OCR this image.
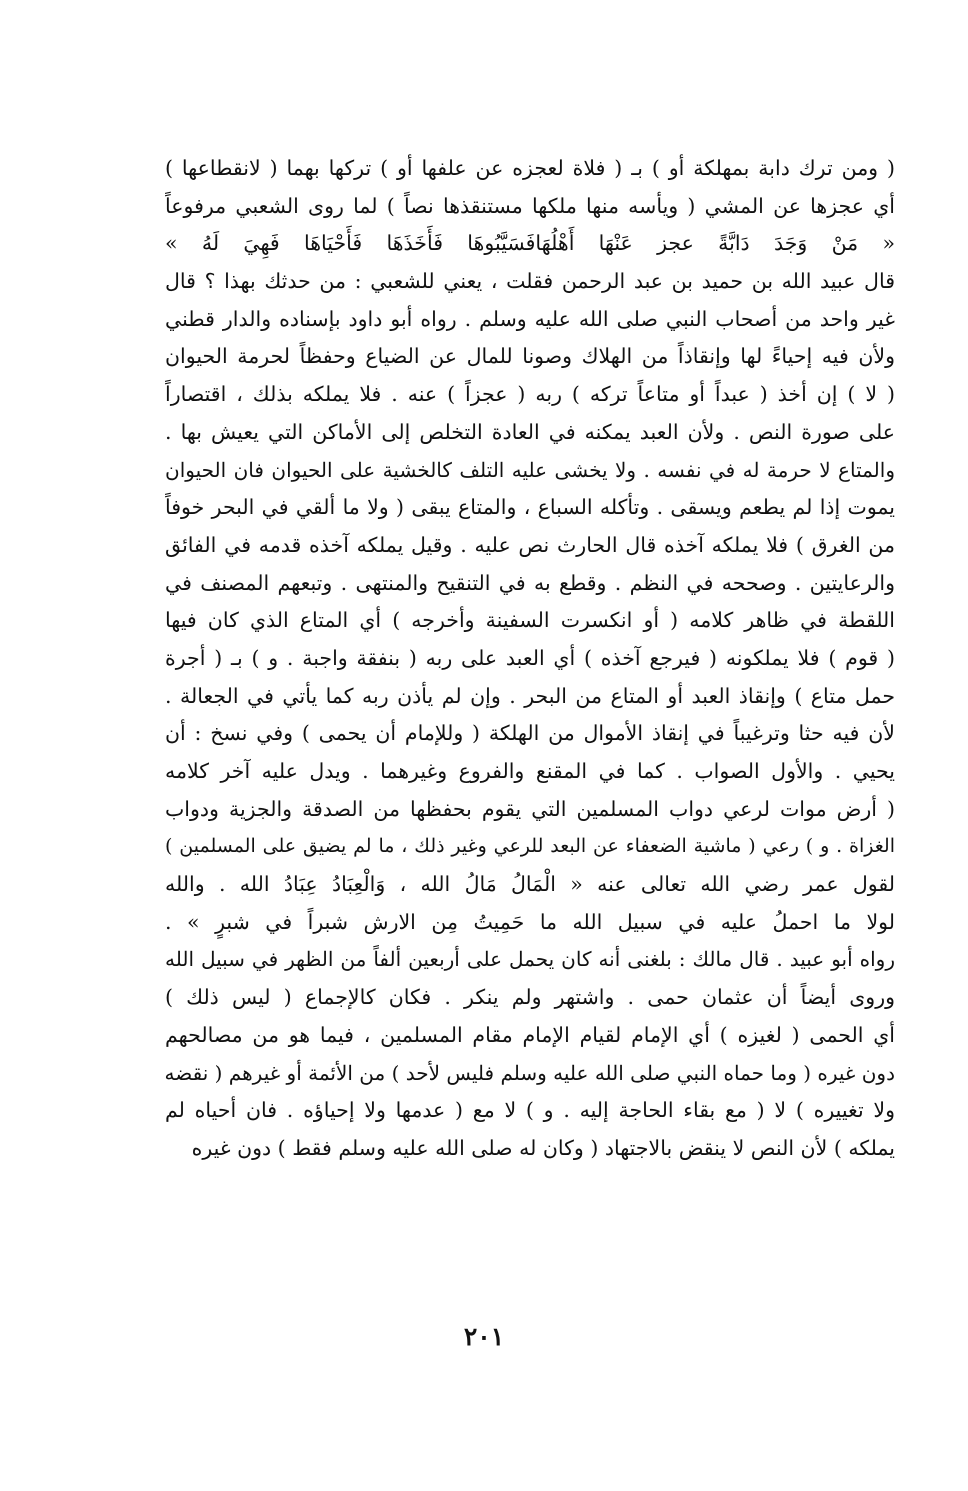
( ومن ترك دابة بمهلكة أو ) بـ ( فلاة لعجزه عن علفها أو ) تركها بهما ( لانقطاعها )
أي عجزها عن المشي ( ويأسه منها ملكها مستنقذها نصاً ) لما روى الشعبي مرفوعاً
« مَنْ وَجَدَ دَابَّةً عجز عَنْهَا أَهْلُهَافَسَيَّبُوهَا فَأَخَذَهَا فَأَحْيَاهَا فَهِيَ لَهُ »
قال عبيد الله بن حميد بن عبد الرحمن فقلت ، يعني للشعبي : من حدثك بهذا ؟ قال
غير واحد من أصحاب النبي صلى الله عليه وسلم . رواه أبو داود بإسناده والدار قطني
ولأن فيه إحياءً لها وإنقاذاً من الهلاك وصونا للمال عن الضياع وحفظاً لحرمة الحيوان
( لا ) إن أخذ ( عبداً أو متاعاً تركه ) ربه ( عجزاً ) عنه . فلا يملكه بذلك ، اقتصاراً
على صورة النص . ولأن العبد يمكنه في العادة التخلص إلى الأماكن التي يعيش بها .
والمتاع لا حرمة له في نفسه . ولا يخشى عليه التلف كالخشية على الحيوان فان الحيوان
يموت إذا لم يطعم ويسقى . وتأكله السباع ، والمتاع يبقى ( ولا ما ألقي في البحر خوفاً
من الغرق ) فلا يملكه آخذه قال الحارث نص عليه . وقيل يملكه آخذه قدمه في الفائق
والرعايتين . وصححه في النظم . وقطع به في التنقيح والمنتهى . وتبعهم المصنف في
اللقطة في ظاهر كلامه ( أو انكسرت السفينة وأخرجه ) أي المتاع الذي كان فيها
( قوم ) فلا يملكونه ( فيرجع آخذه ) أي العبد على ربه ( بنفقة واجبة . و ) بـ ( أجرة
حمل متاع ) وإنقاذ العبد أو المتاع من البحر . وإن لم يأذن ربه كما يأتي في الجعالة .
لأن فيه حثا وترغيباً في إنقاذ الأموال من الهلكة ( وللإمام أن يحمى ) وفي نسخ : أن
يحيي . والأول الصواب . كما في المقنع والفروع وغيرهما . ويدل عليه آخر كلامه
( أرض موات لرعي دواب المسلمين التي يقوم بحفظها من الصدقة والجزية ودواب
الغزاة . و ) رعي ( ماشية الضعفاء عن البعد للرعي وغير ذلك ، ما لم يضيق على المسلمين )
لقول عمر رضي الله تعالى عنه « الْمَالُ مَالُ الله ، وَالْعِبَادُ عِبَادُ الله . والله
لولا ما احملُ عليه في سبيل الله ما حَمِيتُ مِن الارش شبراً في شبرٍ » .
رواه أبو عبيد . قال مالك : بلغنى أنه كان يحمل على أربعين ألفاً من الظهر في سبيل الله
وروى أيضاً أن عثمان حمى . واشتهر ولم ينكر . فكان كالإجماع ( ليس ذلك )
أي الحمى ( لغيزه ) أي الإمام لقيام الإمام مقام المسلمين ، فيما هو من مصالحهم
دون غيره ( وما حماه النبي صلى الله عليه وسلم فليس لأحد ) من الأئمة أو غيرهم ( نقضه
ولا تغييره ) لا ( مع بقاء الحاجة إليه . و ) لا مع ( عدمها ولا إحياؤه . فان أحياه لم
يملكه ) لأن النص لا ينقض بالاجتهاد ( وكان له صلى الله عليه وسلم فقط ) دون غيره
٢٠١
